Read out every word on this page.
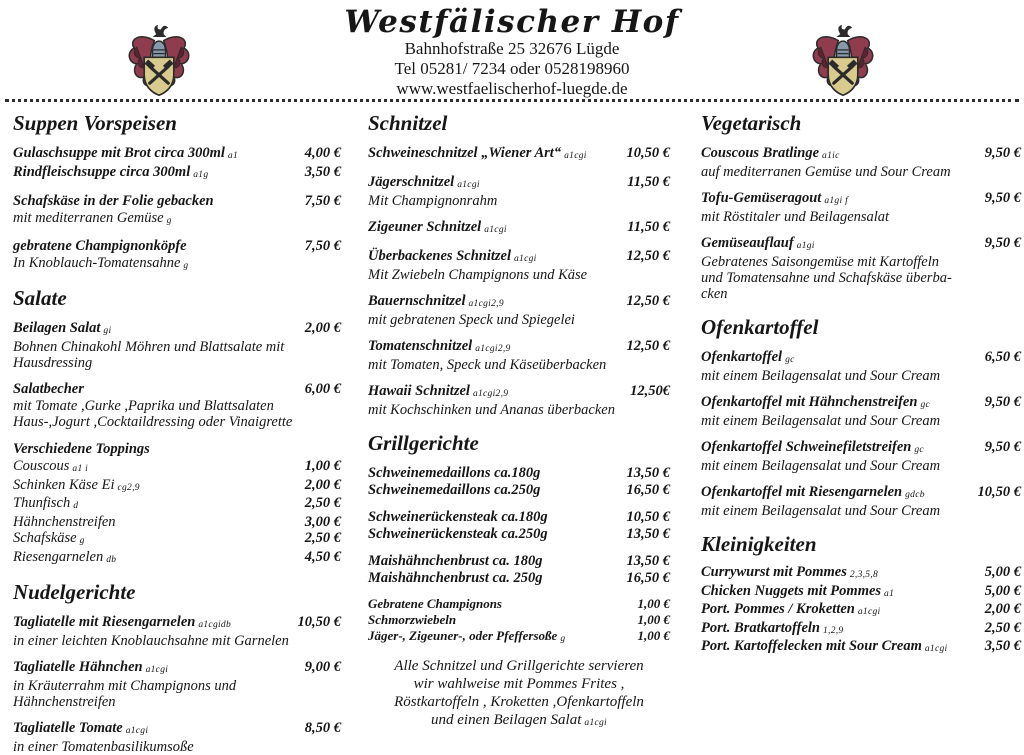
Westfälischer Hof
Bahnhofstraße 25 32676 Lügde
Tel 05281/ 7234 oder 0528198960
www.westfaelischerhof-luegde.de
Suppen Vorspeisen
Gulaschsuppe mit Brot circa 300ml a1	4,00 €
Rindfleischsuppe circa 300ml a1g	3,50 €
Schafskäse in der Folie gebacken	7,50 €
mit mediterranen Gemüse g
gebratene Champignonköpfe	7,50 €
In Knoblauch-Tomatensahne g
Salate
Beilagen Salat gi	2,00 €
Bohnen Chinakohl Möhren und Blattsalate mit
Hausdressing
Salatbecher	6,00 €
mit Tomate ,Gurke ,Paprika und Blattsalaten
Haus-,Jogurt ,Cocktaildressing oder Vinaigrette
Verschiedene Toppings
Couscous a1 i	1,00 €
Schinken Käse Ei cg2,9	2,00 €
Thunfisch d	2,50 €
Hähnchenstreifen	3,00 €
Schafskäse g	2,50 €
Riesengarnelen db	4,50 €
Nudelgerichte
Tagliatelle mit Riesengarnelen a1cgidb	10,50 €
in einer leichten Knoblauchsahne mit Garnelen
Tagliatelle Hähnchen a1cgi	9,00 €
in Kräuterrahm mit Champignons und
Hähnchenstreifen
Tagliatelle Tomate a1cgi	8,50 €
in einer Tomatenbasilikumsoße
Schnitzel
Schweineschnitzel „Wiener Art“ a1cgi	10,50 €
Jägerschnitzel a1cgi	11,50 €
Mit Champignonrahm
Zigeuner Schnitzel a1cgi	11,50 €
Überbackenes Schnitzel a1cgi	12,50 €
Mit Zwiebeln Champignons und Käse
Bauernschnitzel a1cgi2,9	12,50 €
mit gebratenen Speck und Spiegelei
Tomatenschnitzel a1cgi2,9	12,50 €
mit Tomaten, Speck und Käseüberbacken
Hawaii Schnitzel a1cgi2,9	12,50€
mit Kochschinken und Ananas überbacken
Grillgerichte
Schweinemedaillons ca.180g	13,50 €
Schweinemedaillons ca.250g	16,50 €
Schweinerückensteak ca.180g	10,50 €
Schweinerückensteak ca.250g	13,50 €
Maishähnchenbrust ca. 180g	13,50 €
Maishähnchenbrust ca. 250g	16,50 €
Gebratene Champignons	1,00 €
Schmorzwiebeln	1,00 €
Jäger-, Zigeuner-, oder Pfeffersoße g	1,00 €
Alle Schnitzel und Grillgerichte servieren
wir wahlweise mit Pommes Frites ,
Röstkartoffeln , Kroketten ,Ofenkartoffeln
und einen Beilagen Salat a1cgi
Vegetarisch
Couscous Bratlinge a1ic	9,50 €
auf mediterranen Gemüse und Sour Cream
Tofu-Gemüseragout a1gi f	9,50 €
mit Röstitaler und Beilagensalat
Gemüseauflauf a1gi	9,50 €
Gebratenes Saisongemüse mit Kartoffeln
und Tomatensahne und Schafskäse überba-
cken
Ofenkartoffel
Ofenkartoffel gc	6,50 €
mit einem Beilagensalat und Sour Cream
Ofenkartoffel mit Hähnchenstreifen gc	9,50 €
mit einem Beilagensalat und Sour Cream
Ofenkartoffel Schweinefiletstreifen gc	9,50 €
mit einem Beilagensalat und Sour Cream
Ofenkartoffel mit Riesengarnelen gdcb	10,50 €
mit einem Beilagensalat und Sour Cream
Kleinigkeiten
Currywurst mit Pommes 2,3,5,8	5,00 €
Chicken Nuggets mit Pommes a1	5,00 €
Port. Pommes / Kroketten a1cgi	2,00 €
Port. Bratkartoffeln 1,2,9	2,50 €
Port. Kartoffelecken mit Sour Cream a1cgi	3,50 €
